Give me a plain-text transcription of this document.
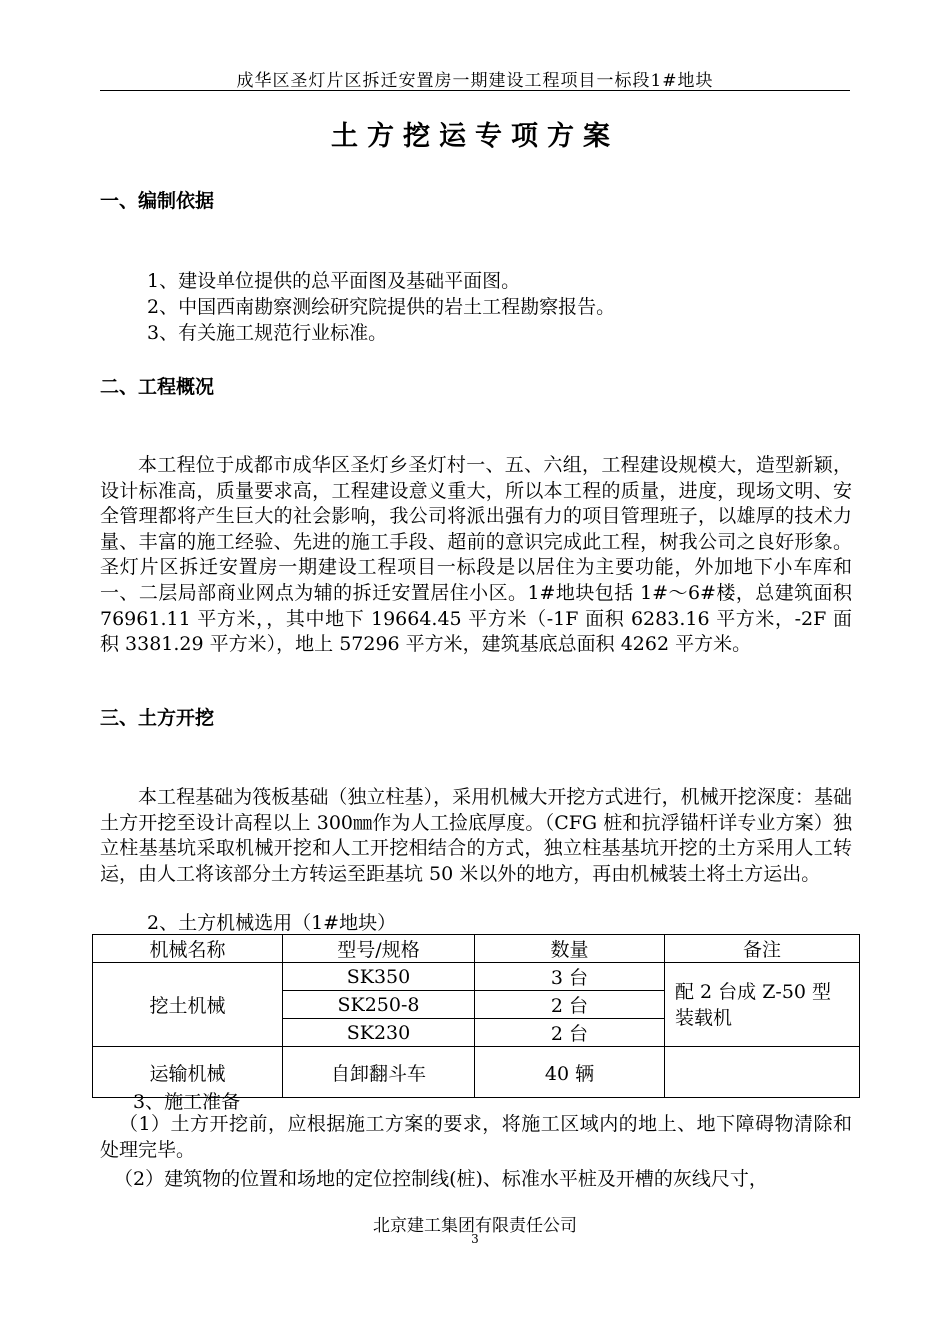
成华区圣灯片区拆迁安置房一期建设工程项目一标段1#地块
土方挖运专项方案
一、编制依据
1、建设单位提供的总平面图及基础平面图。
2、中国西南勘察测绘研究院提供的岩土工程勘察报告。
3、有关施工规范行业标准。
二、工程概况

本工程位于成都市成华区圣灯乡圣灯村一、五、六组，工程建设规模大，造型新颖，设计标准高，质量要求高，工程建设意义重大，所以本工程的质量，进度，现场文明、安全管理都将产生巨大的社会影响，我公司将派出强有力的项目管理班子，以雄厚的技术力量、丰富的施工经验、先进的施工手段、超前的意识完成此工程，树我公司之良好形象。圣灯片区拆迁安置房一期建设工程项目一标段是以居住为主要功能，外加地下小车库和一、二层局部商业网点为辅的拆迁安置居住小区。1#地块包括 1#～6#楼，总建筑面积 76961.11 平方米，，其中地下 19664.45 平方米（-1F 面积 6283.16 平方米，-2F 面积 3381.29 平方米），地上 57296 平方米，建筑基底总面积 4262 平方米。

三、土方开挖

本工程基础为筏板基础（独立柱基），采用机械大开挖方式进行，机械开挖深度：基础土方开挖至设计高程以上 300㎜作为人工捡底厚度。（CFG 桩和抗浮锚杆详专业方案）独立柱基基坑采取机械开挖和人工开挖相结合的方式，独立柱基基坑开挖的土方采用人工转运，由人工将该部分土方转运至距基坑 50 米以外的地方，再由机械装土将土方运出。

2、土方机械选用（1#地块）
机械名称	型号/规格	数量	备注
挖土机械	SK350	3 台	配 2 台成 Z-50 型装载机
	SK250-8	2 台	
	SK230	2 台	
运输机械	自卸翻斗车	40 辆	
3、施工准备

（1）土方开挖前，应根据施工方案的要求，将施工区域内的地上、地下障碍物清除和处理完毕。

（2）建筑物的位置和场地的定位控制线(桩)、标准水平桩及开槽的灰线尺寸，
北京建工集团有限责任公司
3
